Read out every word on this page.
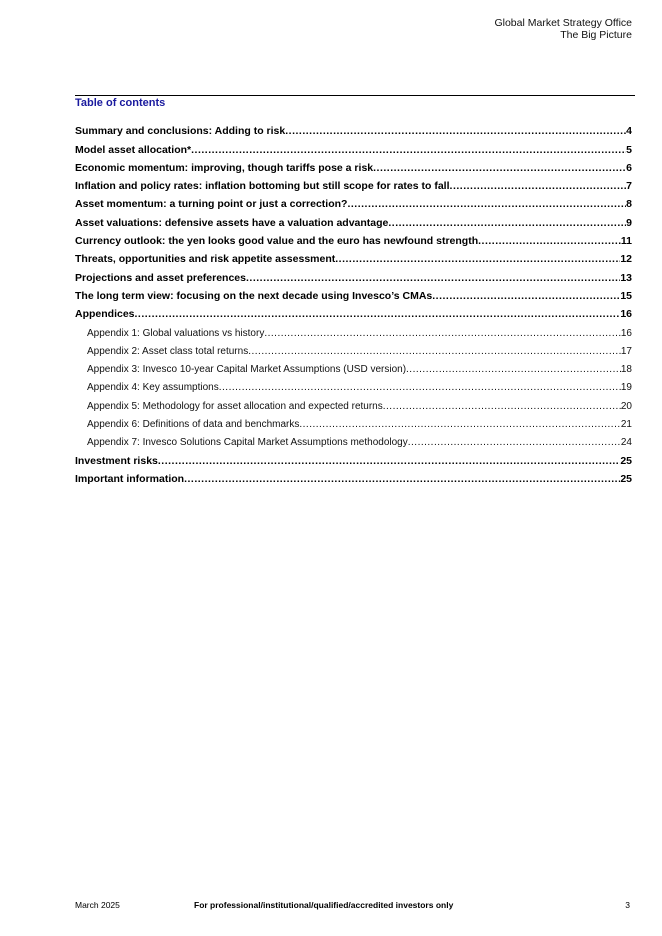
Global Market Strategy Office
The Big Picture
Table of contents
Summary and conclusions: Adding to risk .....	4
Model asset allocation* .....	5
Economic momentum: improving, though tariffs pose a risk .....	6
Inflation and policy rates: inflation bottoming but still scope for rates to fall .....	7
Asset momentum: a turning point or just a correction? .....	8
Asset valuations: defensive assets have a valuation advantage .....	9
Currency outlook: the yen looks good value and the euro has newfound strength .....	11
Threats, opportunities and risk appetite assessment .....	12
Projections and asset preferences .....	13
The long term view: focusing on the next decade using Invesco’s CMAs .....	15
Appendices .....	16
Appendix 1: Global valuations vs history .....	16
Appendix 2: Asset class total returns .....	17
Appendix 3: Invesco 10-year Capital Market Assumptions (USD version) .....	18
Appendix 4: Key assumptions .....	19
Appendix 5: Methodology for asset allocation and expected returns .....	20
Appendix 6: Definitions of data and benchmarks .....	21
Appendix 7: Invesco Solutions Capital Market Assumptions methodology .....	24
Investment risks .....	25
Important information .....	25
March 2025	For professional/institutional/qualified/accredited investors only	3
